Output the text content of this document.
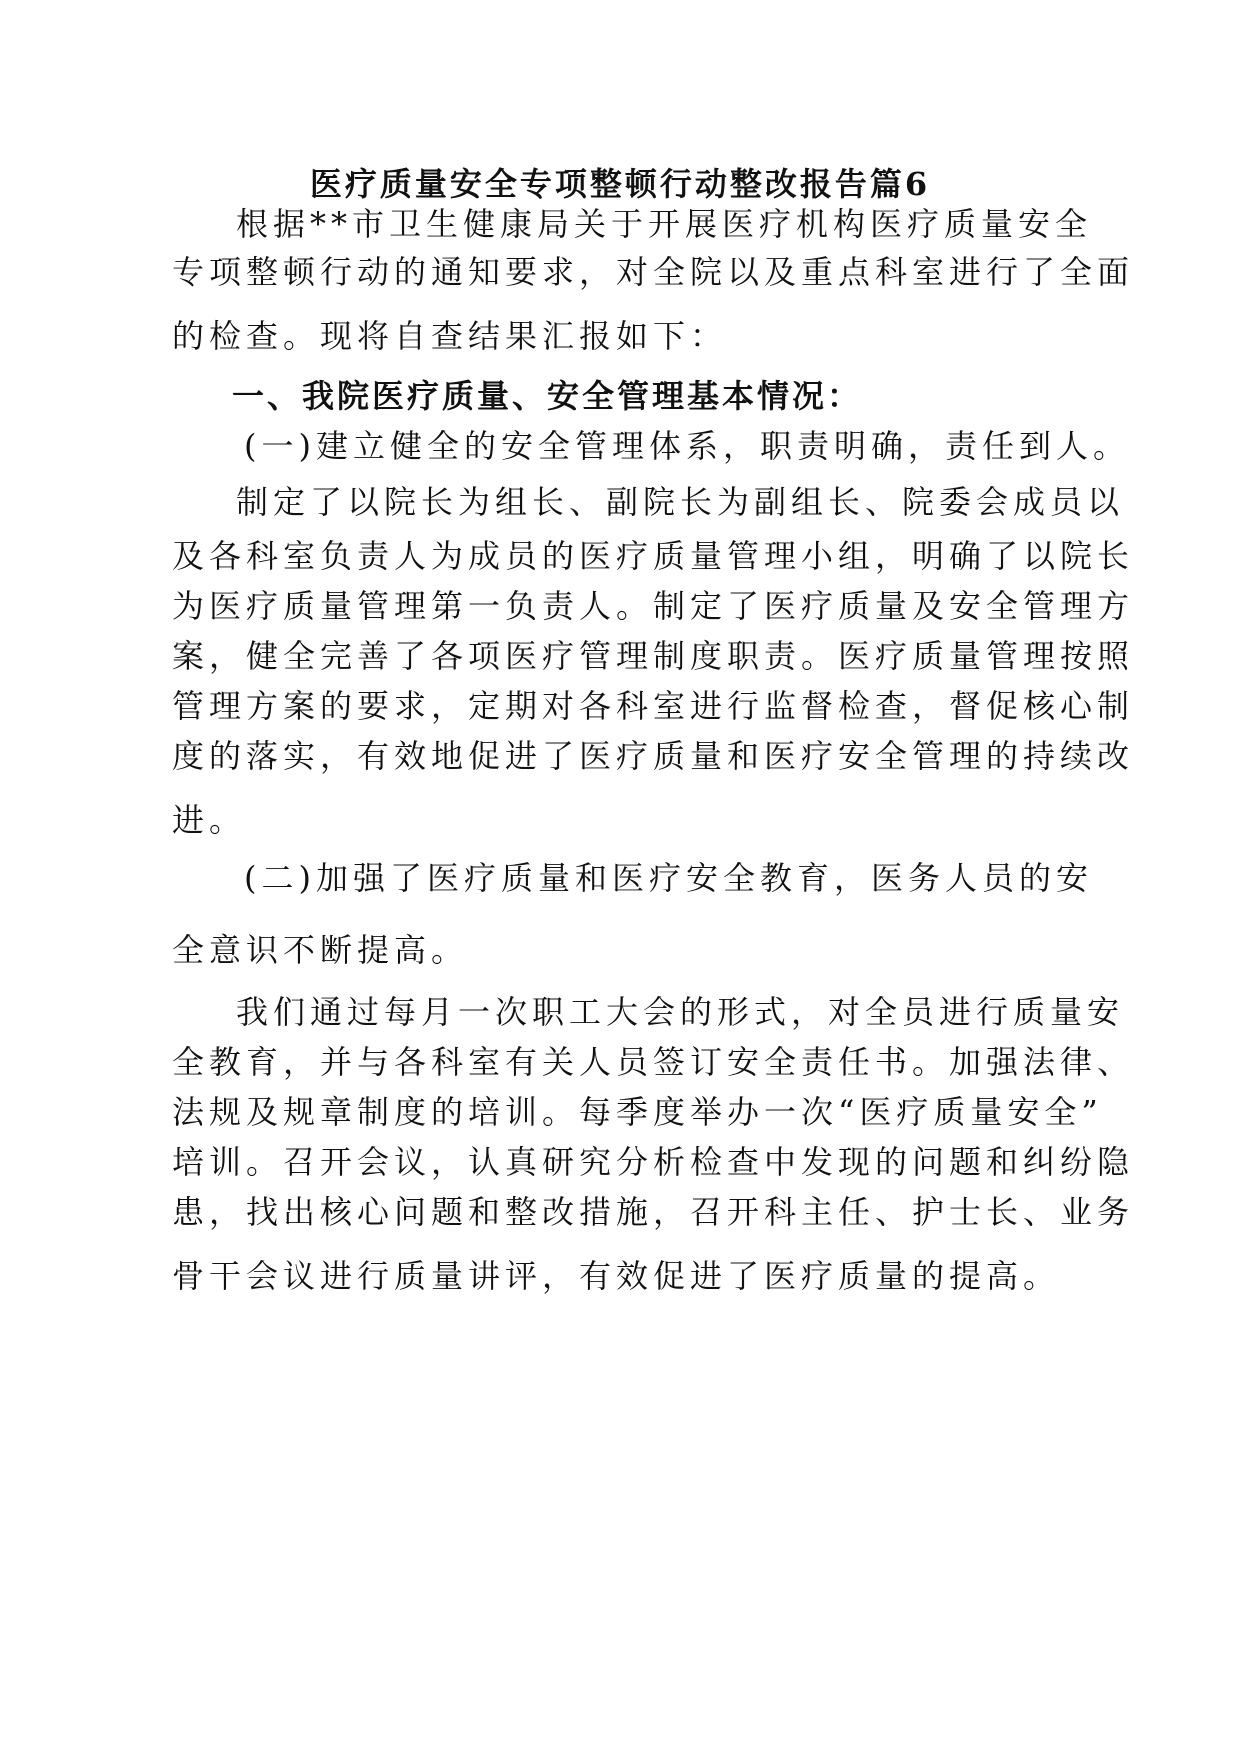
医疗质量安全专项整顿行动整改报告篇6

根据**市卫生健康局关于开展医疗机构医疗质量安全

专项整顿行动的通知要求，对全院以及重点科室进行了全面

的检查。现将自查结果汇报如下：

一、我院医疗质量、安全管理基本情况：

(一)建立健全的安全管理体系，职责明确，责任到人。

制定了以院长为组长、副院长为副组长、院委会成员以

及各科室负责人为成员的医疗质量管理小组，明确了以院长

为医疗质量管理第一负责人。制定了医疗质量及安全管理方

案，健全完善了各项医疗管理制度职责。医疗质量管理按照

管理方案的要求，定期对各科室进行监督检查，督促核心制

度的落实，有效地促进了医疗质量和医疗安全管理的持续改

进。

(二)加强了医疗质量和医疗安全教育，医务人员的安

全意识不断提高。

我们通过每月一次职工大会的形式，对全员进行质量安

全教育，并与各科室有关人员签订安全责任书。加强法律、

法规及规章制度的培训。每季度举办一次“医疗质量安全”

培训。召开会议，认真研究分析检查中发现的问题和纠纷隐

患，找出核心问题和整改措施，召开科主任、护士长、业务

骨干会议进行质量讲评，有效促进了医疗质量的提高。
